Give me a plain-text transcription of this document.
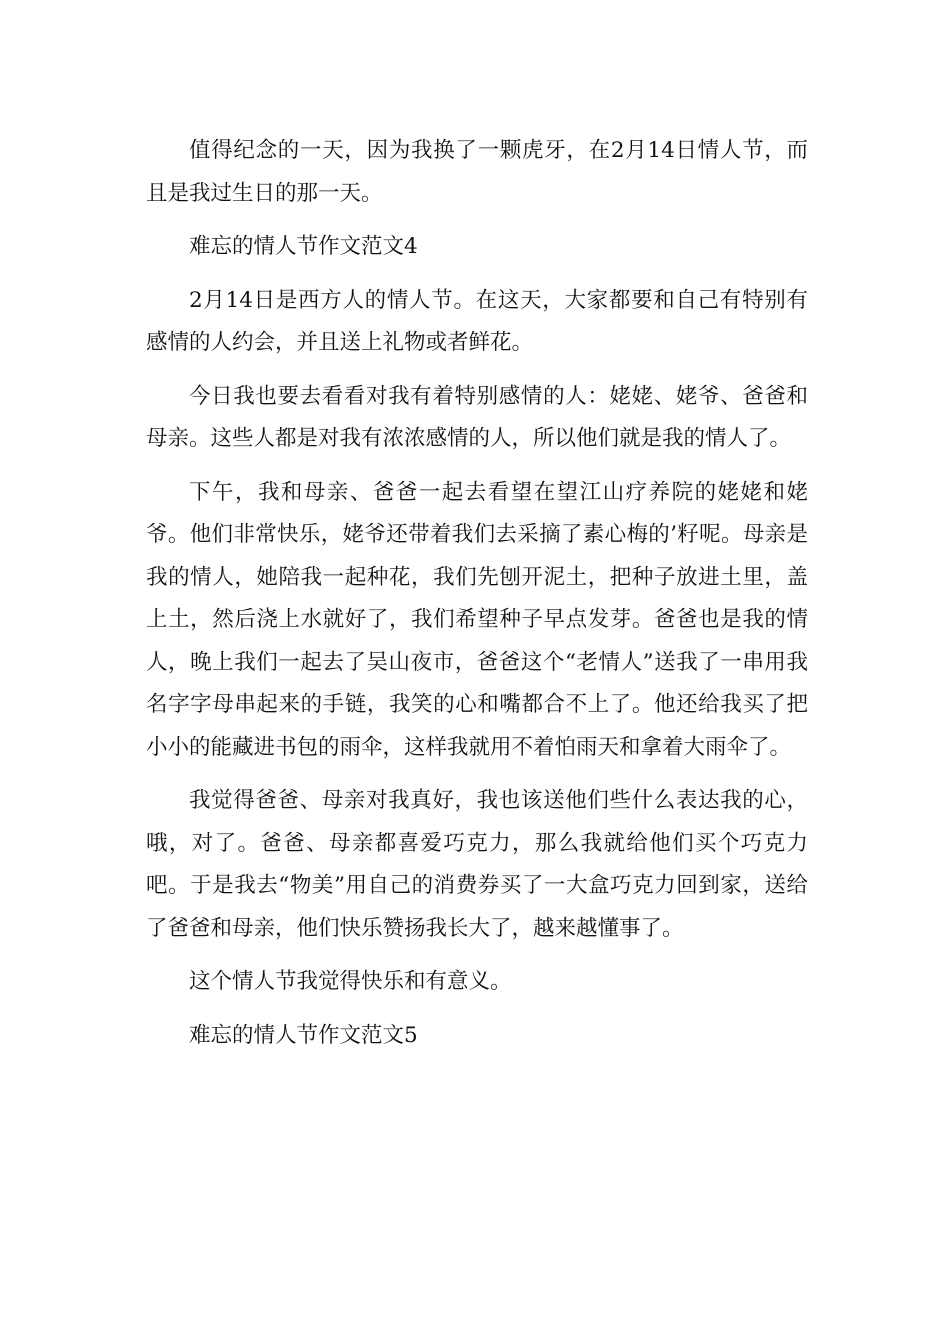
值得纪念的一天，因为我换了一颗虎牙，在2月14日情人节，而且是我过生日的那一天。

难忘的情人节作文范文4

2月14日是西方人的情人节。在这天，大家都要和自己有特别有感情的人约会，并且送上礼物或者鲜花。

今日我也要去看看对我有着特别感情的人：姥姥、姥爷、爸爸和母亲。这些人都是对我有浓浓感情的人，所以他们就是我的情人了。

下午，我和母亲、爸爸一起去看望在望江山疗养院的姥姥和姥爷。他们非常快乐，姥爷还带着我们去采摘了素心梅的’籽呢。母亲是我的情人，她陪我一起种花，我们先刨开泥土，把种子放进土里，盖上土，然后浇上水就好了，我们希望种子早点发芽。爸爸也是我的情人，晚上我们一起去了吴山夜市，爸爸这个“老情人”送我了一串用我名字字母串起来的手链，我笑的心和嘴都合不上了。他还给我买了把小小的能藏进书包的雨伞，这样我就用不着怕雨天和拿着大雨伞了。

我觉得爸爸、母亲对我真好，我也该送他们些什么表达我的心，哦，对了。爸爸、母亲都喜爱巧克力，那么我就给他们买个巧克力吧。于是我去“物美”用自己的消费券买了一大盒巧克力回到家，送给了爸爸和母亲，他们快乐赞扬我长大了，越来越懂事了。

这个情人节我觉得快乐和有意义。

难忘的情人节作文范文5
